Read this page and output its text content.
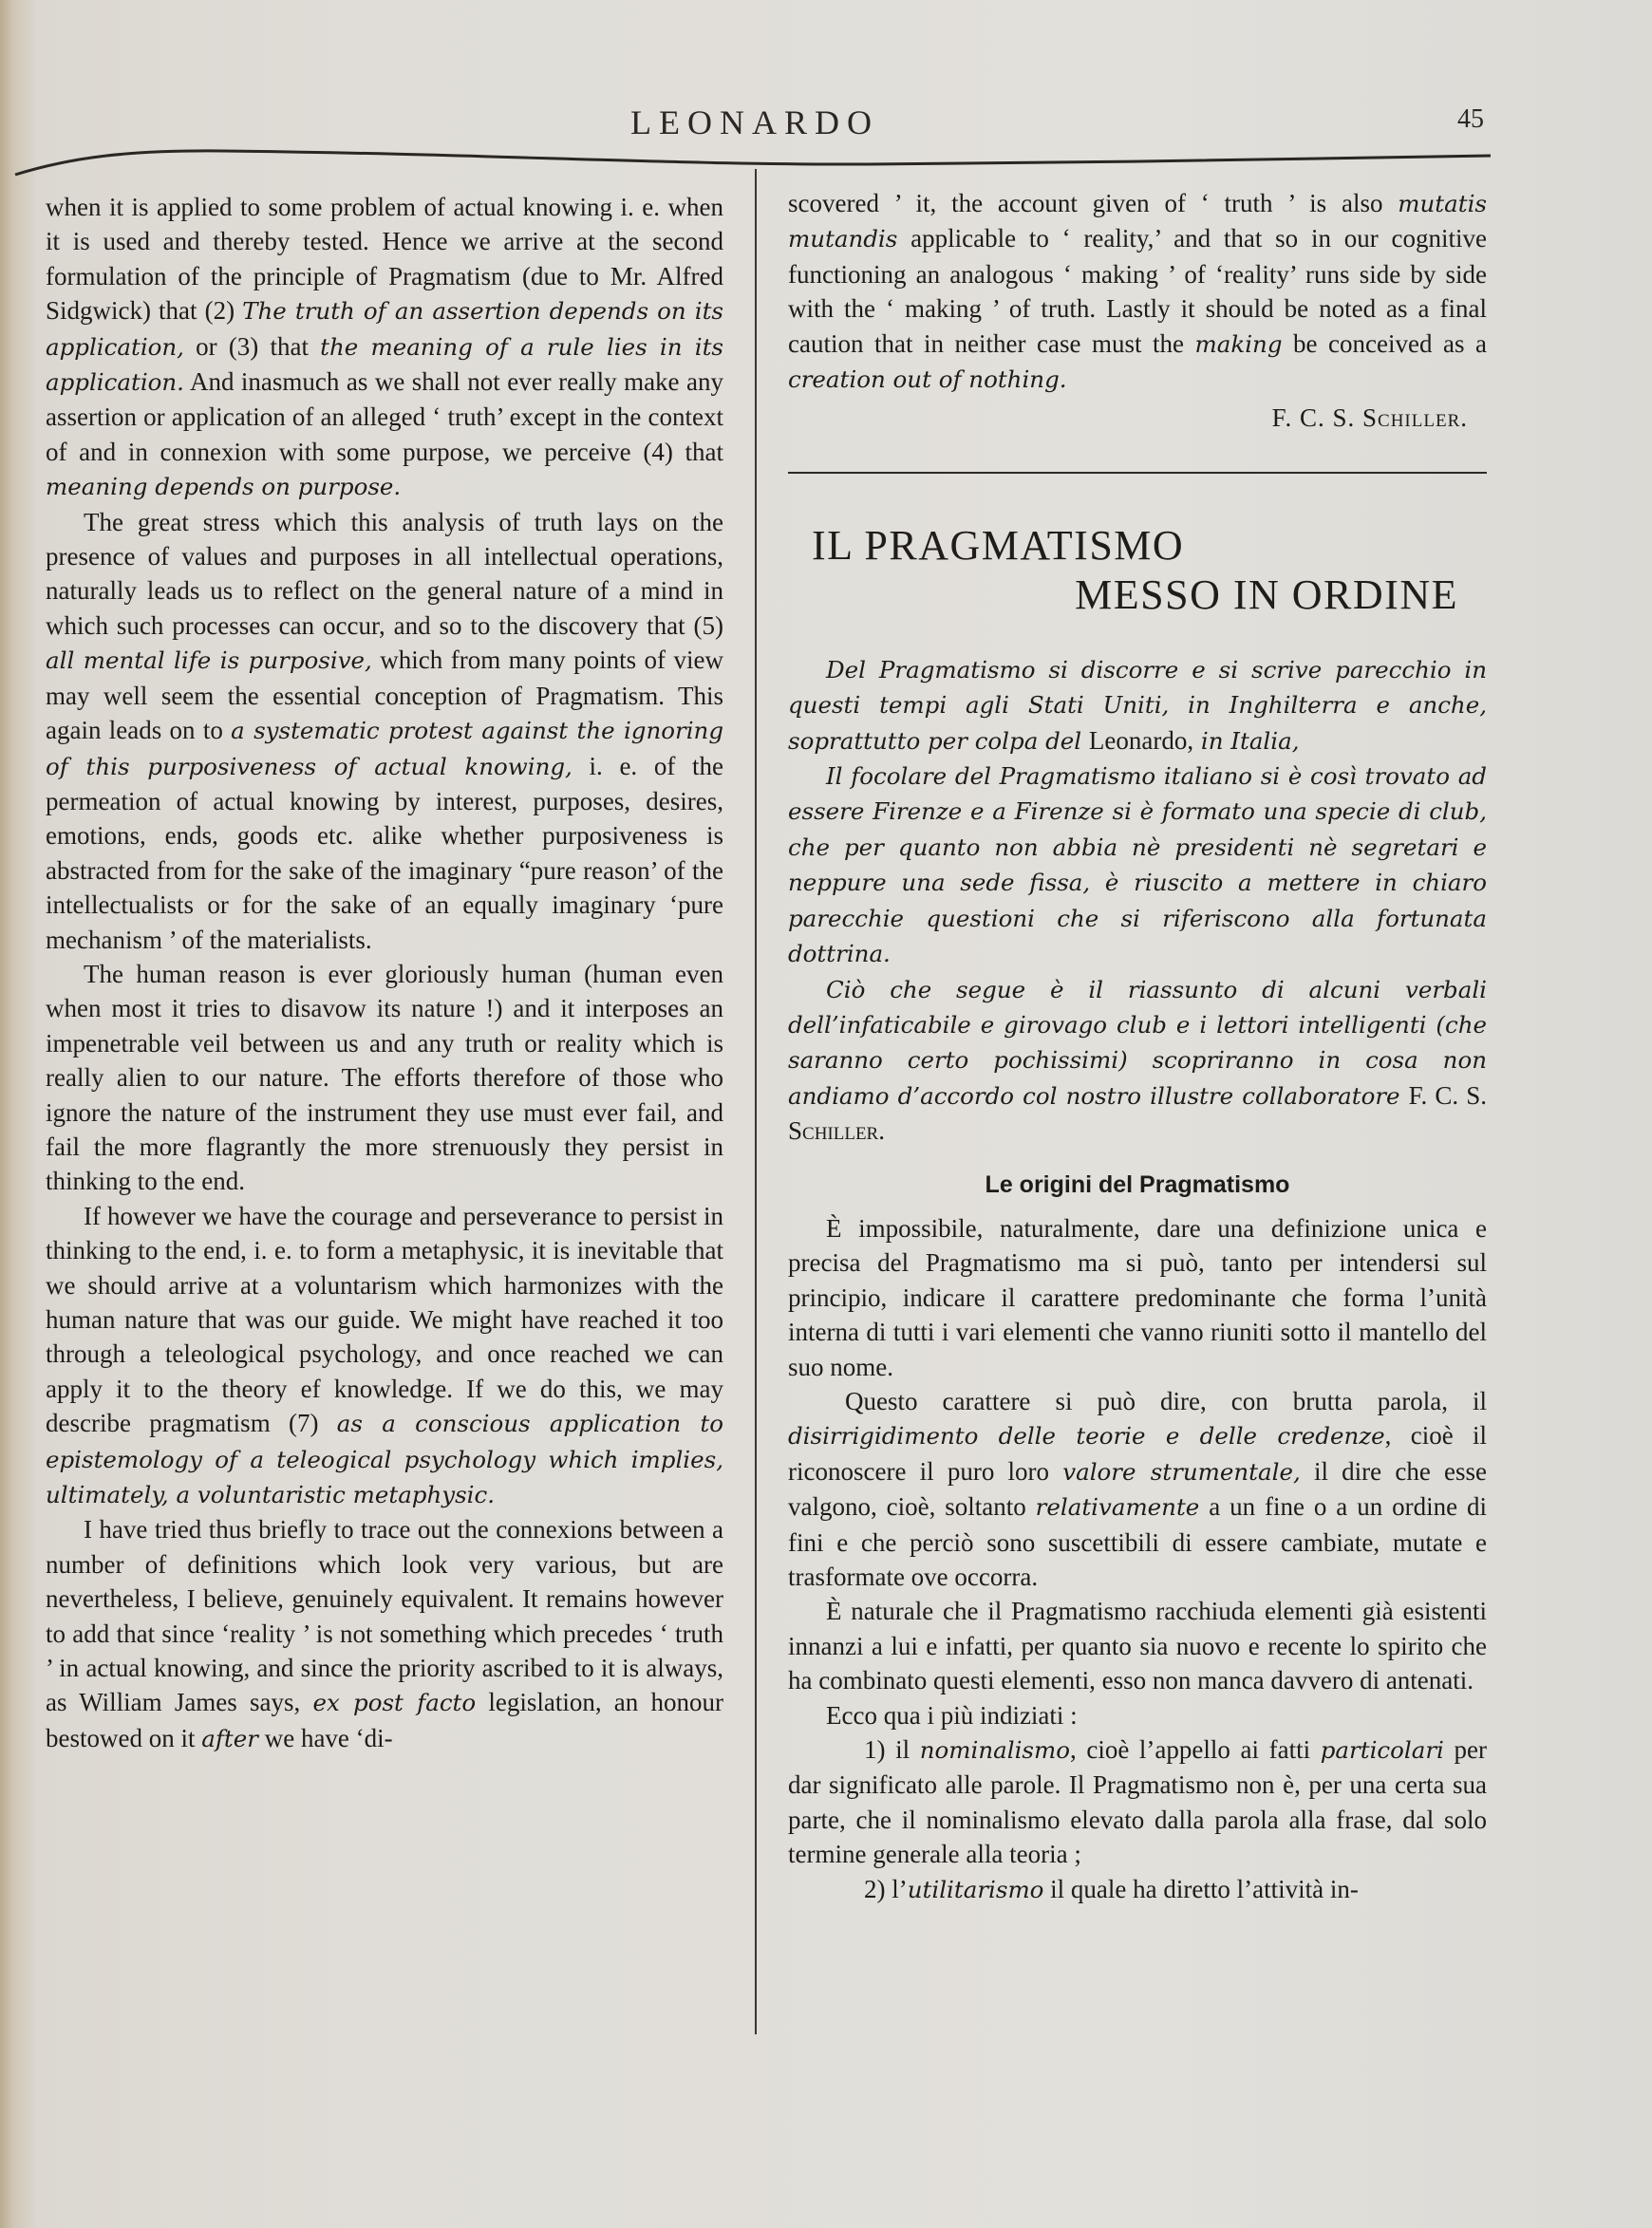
LEONARDO	45

when it is applied to some problem of actual knowing i. e. when it is used and thereby tested. Hence we arrive at the second formulation of the principle of Pragmatism (due to Mr. Alfred Sidgwick) that (2) The truth of an assertion depends on its application, or (3) that the meaning of a rule lies in its application. And inasmuch as we shall not ever really make any assertion or application of an alleged ‘ truth’ except in the context of and in connexion with some purpose, we perceive (4) that meaning depends on purpose.

The great stress which this analysis of truth lays on the presence of values and purposes in all intellectual operations, naturally leads us to reflect on the general nature of a mind in which such processes can occur, and so to the discovery that (5) all mental life is purposive, which from many points of view may well seem the essential conception of Pragmatism. This again leads on to a systematic protest against the ignoring of this purposiveness of actual knowing, i. e. of the permeation of actual knowing by interest, purposes, desires, emotions, ends, goods etc. alike whether purposiveness is abstracted from for the sake of the imaginary “pure reason’ of the intellectualists or for the sake of an equally imaginary ‘pure mechanism ’ of the materialists.

The human reason is ever gloriously human (human even when most it tries to disavow its nature !) and it interposes an impenetrable veil between us and any truth or reality which is really alien to our nature. The efforts therefore of those who ignore the nature of the instrument they use must ever fail, and fail the more flagrantly the more strenuously they persist in thinking to the end.

If however we have the courage and perseverance to persist in thinking to the end, i. e. to form a metaphysic, it is inevitable that we should arrive at a voluntarism which harmonizes with the human nature that was our guide. We might have reached it too through a teleological psychology, and once reached we can apply it to the theory ef knowledge. If we do this, we may describe pragmatism (7) as a conscious application to epistemology of a teleogical psychology which implies, ultimately, a voluntaristic metaphysic.

I have tried thus briefly to trace out the connexions between a number of definitions which look very various, but are nevertheless, I believe, genuinely equivalent. It remains however to add that since ‘reality ’ is not something which precedes ‘ truth ’ in actual knowing, and since the priority ascribed to it is always, as William James says, ex post facto legislation, an honour bestowed on it after we have ‘di-

scovered ’ it, the account given of ‘ truth ’ is also mutatis mutandis applicable to ‘ reality,’ and that so in our cognitive functioning an analogous ‘ making ’ of ‘reality’ runs side by side with the ‘ making ’ of truth. Lastly it should be noted as a final caution that in neither case must the making be conceived as a creation out of nothing.

F. C. S. Schiller.

IL PRAGMATISMO
MESSO IN ORDINE

Del Pragmatismo si discorre e si scrive parecchio in questi tempi agli Stati Uniti, in Inghilterra e anche, soprattutto per colpa del Leonardo, in Italia,

Il focolare del Pragmatismo italiano si è così trovato ad essere Firenze e a Firenze si è formato una specie di club, che per quanto non abbia nè presidenti nè segretari e neppure una sede fissa, è riuscito a mettere in chiaro parecchie questioni che si riferiscono alla fortunata dottrina.

Ciò che segue è il riassunto di alcuni verbali dell’infaticabile e girovago club e i lettori intelligenti (che saranno certo pochissimi) scopriranno in cosa non andiamo d’accordo col nostro illustre collaboratore F. C. S. Schiller.

Le origini del Pragmatismo

È impossibile, naturalmente, dare una definizione unica e precisa del Pragmatismo ma si può, tanto per intendersi sul principio, indicare il carattere predominante che forma l’unità interna di tutti i vari elementi che vanno riuniti sotto il mantello del suo nome.

Questo carattere si può dire, con brutta parola, il disirrigidimento delle teorie e delle credenze, cioè il riconoscere il puro loro valore strumentale, il dire che esse valgono, cioè, soltanto relativamente a un fine o a un ordine di fini e che perciò sono suscettibili di essere cambiate, mutate e trasformate ove occorra.

È naturale che il Pragmatismo racchiuda elementi già esistenti innanzi a lui e infatti, per quanto sia nuovo e recente lo spirito che ha combinato questi elementi, esso non manca davvero di antenati.

Ecco qua i più indiziati :

1) il nominalismo, cioè l’appello ai fatti particolari per dar significato alle parole. Il Pragmatismo non è, per una certa sua parte, che il nominalismo elevato dalla parola alla frase, dal solo termine generale alla teoria ;

2) l’utilitarismo il quale ha diretto l’attività in-
